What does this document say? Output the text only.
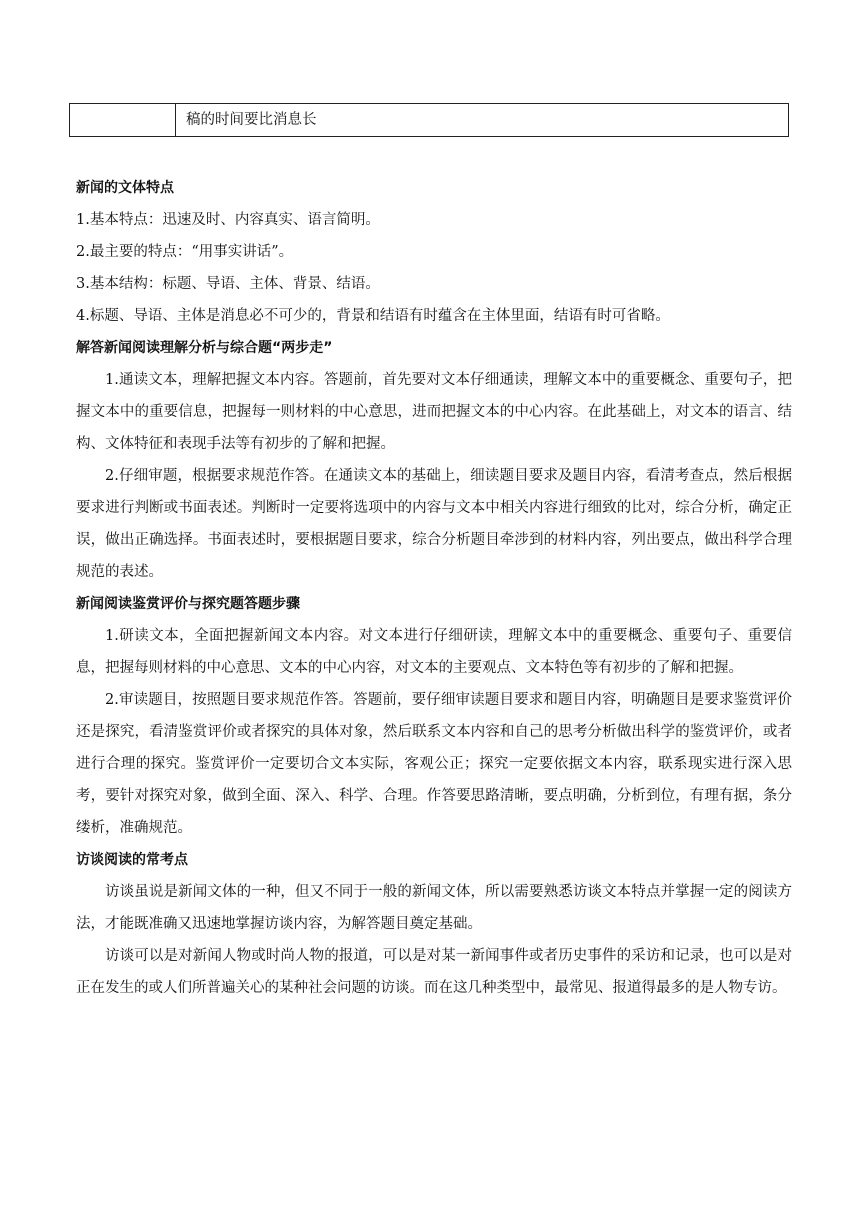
稿的时间要比消息长
新闻的文体特点
1.基本特点：迅速及时、内容真实、语言简明。
2.最主要的特点：“用事实讲话”。
3.基本结构：标题、导语、主体、背景、结语。
4.标题、导语、主体是消息必不可少的，背景和结语有时蕴含在主体里面，结语有时可省略。
解答新闻阅读理解分析与综合题“两步走”

1.通读文本，理解把握文本内容。答题前，首先要对文本仔细通读，理解文本中的重要概念、重要句子，把握文本中的重要信息，把握每一则材料的中心意思，进而把握文本的中心内容。在此基础上，对文本的语言、结构、文体特征和表现手法等有初步的了解和把握。

2.仔细审题，根据要求规范作答。在通读文本的基础上，细读题目要求及题目内容，看清考查点，然后根据要求进行判断或书面表述。判断时一定要将选项中的内容与文本中相关内容进行细致的比对，综合分析，确定正误，做出正确选择。书面表述时，要根据题目要求，综合分析题目牵涉到的材料内容，列出要点，做出科学合理规范的表述。

新闻阅读鉴赏评价与探究题答题步骤

1.研读文本，全面把握新闻文本内容。对文本进行仔细研读，理解文本中的重要概念、重要句子、重要信息，把握每则材料的中心意思、文本的中心内容，对文本的主要观点、文本特色等有初步的了解和把握。

2.审读题目，按照题目要求规范作答。答题前，要仔细审读题目要求和题目内容，明确题目是要求鉴赏评价还是探究，看清鉴赏评价或者探究的具体对象，然后联系文本内容和自己的思考分析做出科学的鉴赏评价，或者进行合理的探究。鉴赏评价一定要切合文本实际，客观公正；探究一定要依据文本内容，联系现实进行深入思考，要针对探究对象，做到全面、深入、科学、合理。作答要思路清晰，要点明确，分析到位，有理有据，条分缕析，准确规范。

访谈阅读的常考点

访谈虽说是新闻文体的一种，但又不同于一般的新闻文体，所以需要熟悉访谈文本特点并掌握一定的阅读方法，才能既准确又迅速地掌握访谈内容，为解答题目奠定基础。

访谈可以是对新闻人物或时尚人物的报道，可以是对某一新闻事件或者历史事件的采访和记录，也可以是对正在发生的或人们所普遍关心的某种社会问题的访谈。而在这几种类型中，最常见、报道得最多的是人物专访。
